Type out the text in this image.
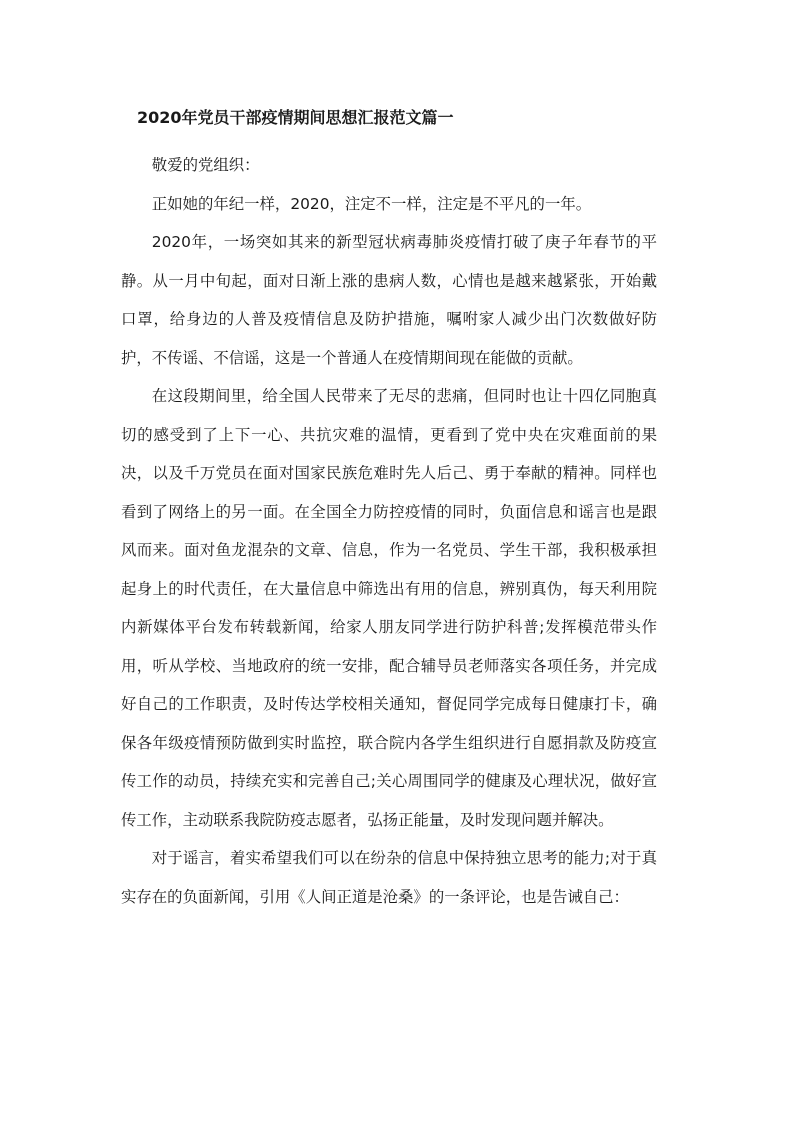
2020年党员干部疫情期间思想汇报范文篇一

敬爱的党组织：

正如她的年纪一样，2020，注定不一样，注定是不平凡的一年。

2020年，一场突如其来的新型冠状病毒肺炎疫情打破了庚子年春节的平静。从一月中旬起，面对日渐上涨的患病人数，心情也是越来越紧张，开始戴口罩，给身边的人普及疫情信息及防护措施，嘱咐家人减少出门次数做好防护，不传谣、不信谣，这是一个普通人在疫情期间现在能做的贡献。

在这段期间里，给全国人民带来了无尽的悲痛，但同时也让十四亿同胞真切的感受到了上下一心、共抗灾难的温情，更看到了党中央在灾难面前的果决，以及千万党员在面对国家民族危难时先人后己、勇于奉献的精神。同样也看到了网络上的另一面。在全国全力防控疫情的同时，负面信息和谣言也是跟风而来。面对鱼龙混杂的文章、信息，作为一名党员、学生干部，我积极承担起身上的时代责任，在大量信息中筛选出有用的信息，辨别真伪，每天利用院内新媒体平台发布转载新闻，给家人朋友同学进行防护科普;发挥模范带头作用，听从学校、当地政府的统一安排，配合辅导员老师落实各项任务，并完成好自己的工作职责，及时传达学校相关通知，督促同学完成每日健康打卡，确保各年级疫情预防做到实时监控，联合院内各学生组织进行自愿捐款及防疫宣传工作的动员，持续充实和完善自己;关心周围同学的健康及心理状况，做好宣传工作，主动联系我院防疫志愿者，弘扬正能量，及时发现问题并解决。

对于谣言，着实希望我们可以在纷杂的信息中保持独立思考的能力;对于真实存在的负面新闻，引用《人间正道是沧桑》的一条评论，也是告诫自己：
